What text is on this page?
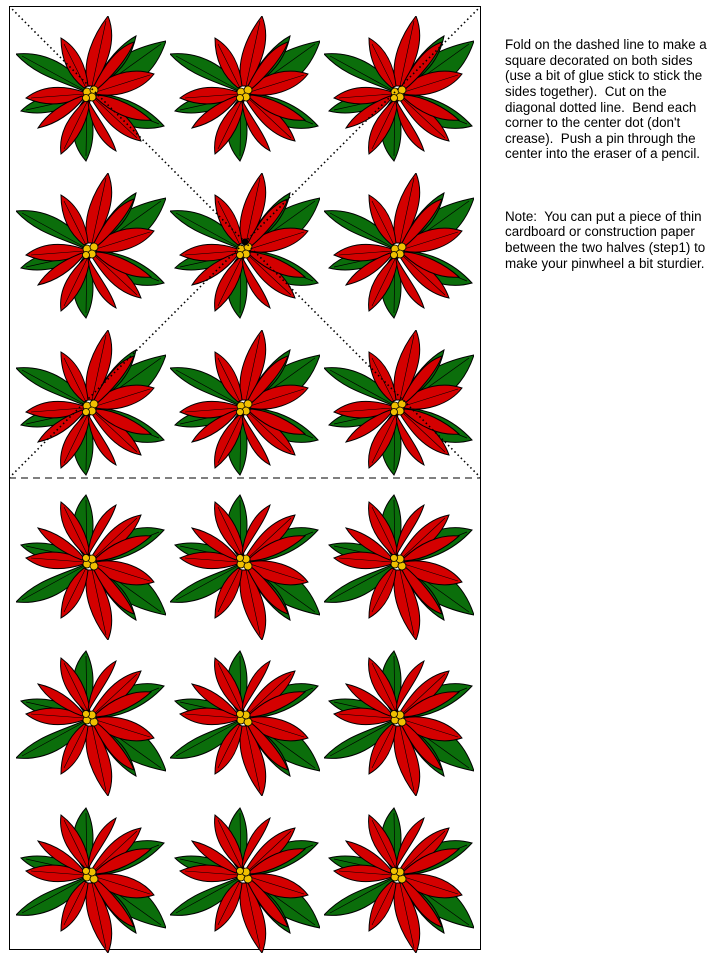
Fold on the dashed line to make a square decorated on both sides (use a bit of glue stick to stick the sides together).  Cut on the diagonal dotted line.  Bend each corner to the center dot (don't crease).  Push a pin through the center into the eraser of a pencil.

Note:  You can put a piece of thin cardboard or construction paper between the two halves (step1) to make your pinwheel a bit sturdier.
